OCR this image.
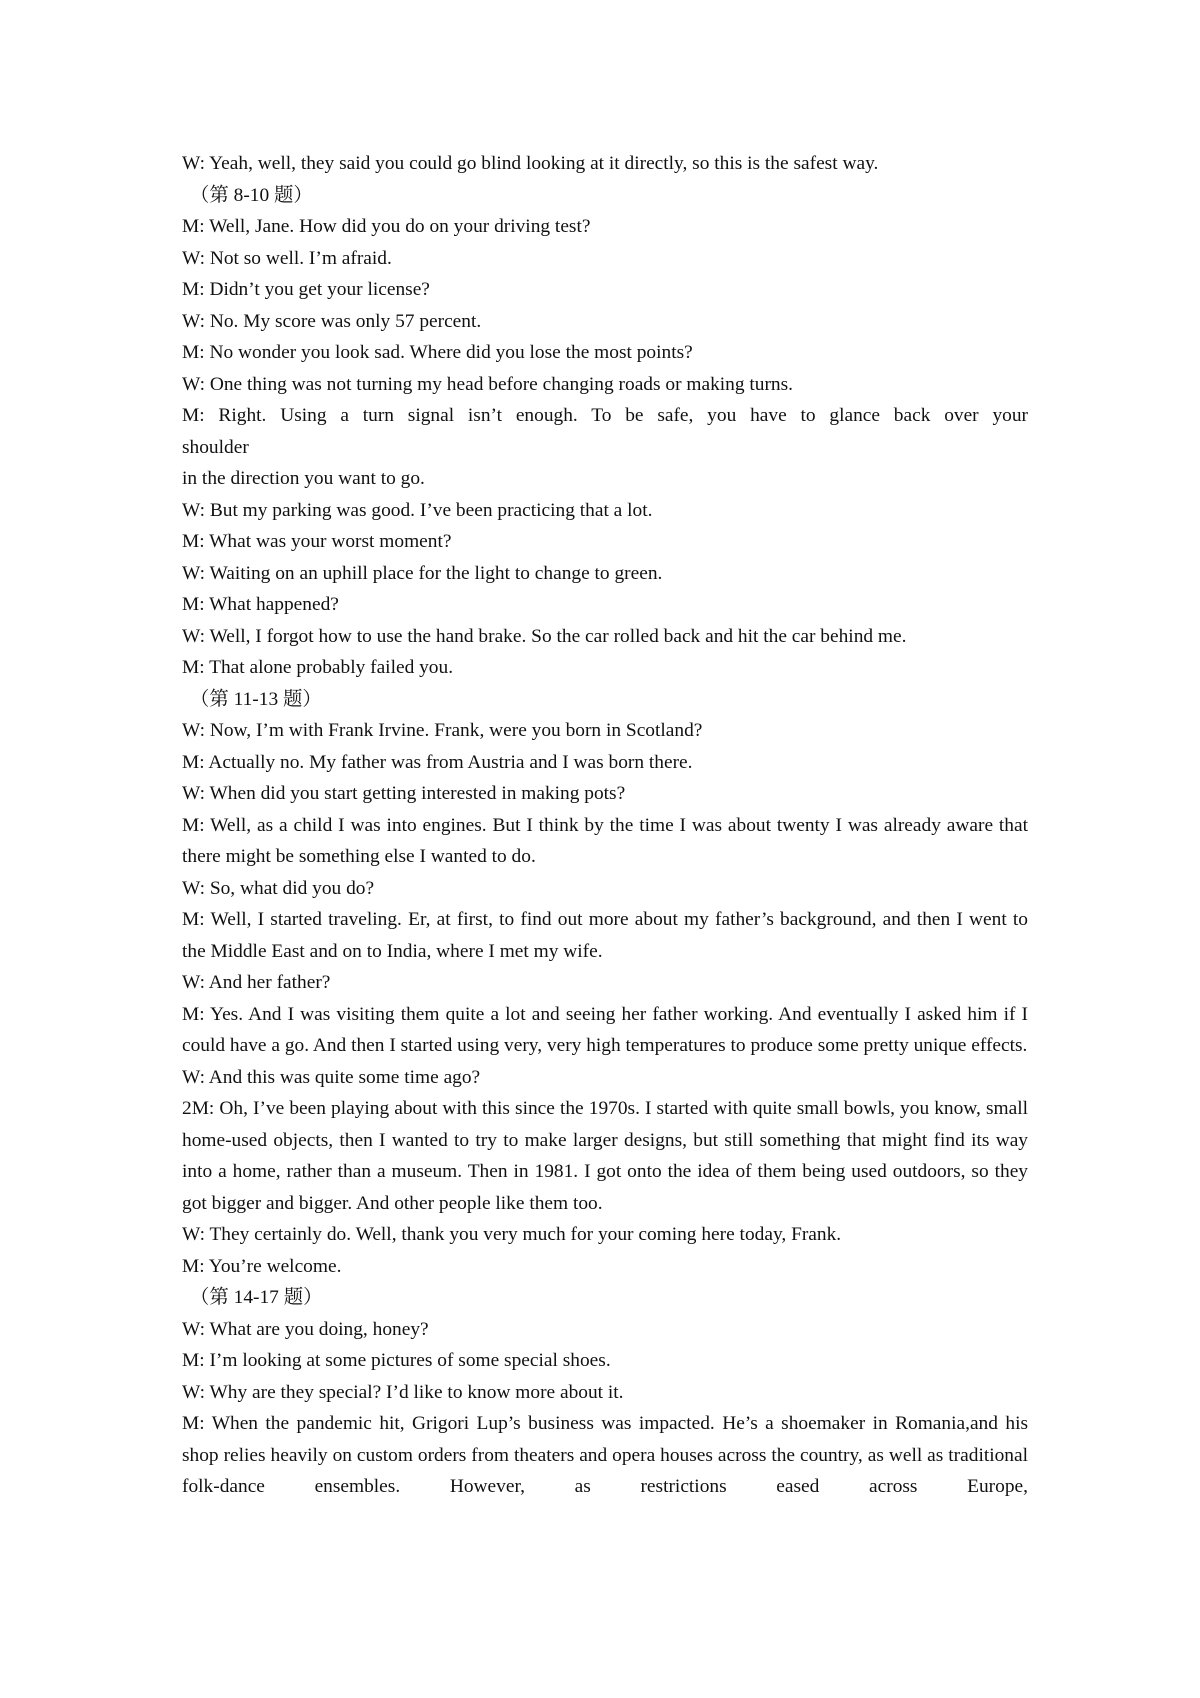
W: Yeah, well, they said you could go blind looking at it directly, so this is the safest way.

（第 8-10 题）

M: Well, Jane. How did you do on your driving test?

W: Not so well. I’m afraid.

M: Didn’t you get your license?

W: No. My score was only 57 percent.

M: No wonder you look sad. Where did you lose the most points?

W: One thing was not turning my head before changing roads or making turns.

M: Right. Using a turn signal isn’t enough. To be safe, you have to glance back over your

shoulder

in the direction you want to go.

W: But my parking was good. I’ve been practicing that a lot.

M: What was your worst moment?

W: Waiting on an uphill place for the light to change to green.

M: What happened?

W: Well, I forgot how to use the hand brake. So the car rolled back and hit the car behind me.

M: That alone probably failed you.

（第 11-13 题）

W: Now, I’m with Frank Irvine. Frank, were you born in Scotland?

M: Actually no. My father was from Austria and I was born there.

W: When did you start getting interested in making pots?

M: Well, as a child I was into engines. But I think by the time I was about twenty I was already aware that there might be something else I wanted to do.

W: So, what did you do?

M: Well, I started traveling. Er, at first, to find out more about my father’s background, and then I went to the Middle East and on to India, where I met my wife.

W: And her father?

M: Yes. And I was visiting them quite a lot and seeing her father working. And eventually I asked him if I could have a go. And then I started using very, very high temperatures to produce some pretty unique effects.

W: And this was quite some time ago?

2M: Oh, I’ve been playing about with this since the 1970s. I started with quite small bowls, you know, small home-used objects, then I wanted to try to make larger designs, but still something that might find its way into a home, rather than a museum. Then in 1981. I got onto the idea of them being used outdoors, so they got bigger and bigger. And other people like them too.

W: They certainly do. Well, thank you very much for your coming here today, Frank.

M: You’re welcome.

（第 14-17 题）

W: What are you doing, honey?

M: I’m looking at some pictures of some special shoes.

W: Why are they special? I’d like to know more about it.

M: When the pandemic hit, Grigori Lup’s business was impacted. He’s a shoemaker in Romania,and his shop relies heavily on custom orders from theaters and opera houses across the country, as well as traditional folk-dance ensembles. However, as restrictions eased across Europe,
